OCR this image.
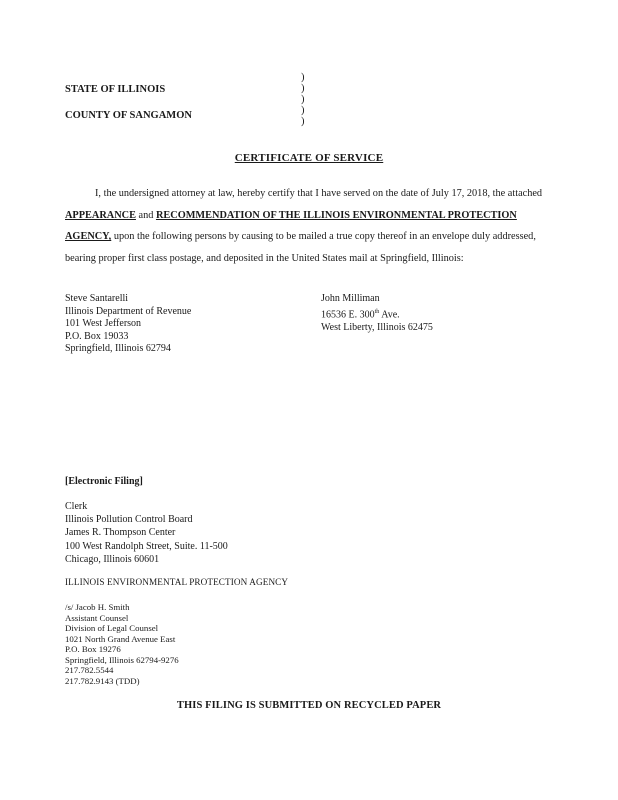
STATE OF ILLINOIS
COUNTY OF SANGAMON
)
)
)
)
)
CERTIFICATE OF SERVICE
I, the undersigned attorney at law, hereby certify that I have served on the date of July 17, 2018, the attached APPEARANCE and RECOMMENDATION OF THE ILLINOIS ENVIRONMENTAL PROTECTION AGENCY, upon the following persons by causing to be mailed a true copy thereof in an envelope duly addressed, bearing proper first class postage, and deposited in the United States mail at Springfield, Illinois:
Steve Santarelli
Illinois Department of Revenue
101 West Jefferson
P.O. Box 19033
Springfield, Illinois 62794
John Milliman
16536 E. 300th Ave.
West Liberty, Illinois 62475
[Electronic Filing]
Clerk
Illinois Pollution Control Board
James R. Thompson Center
100 West Randolph Street, Suite. 11-500
Chicago, Illinois 60601
ILLINOIS ENVIRONMENTAL PROTECTION AGENCY
/s/ Jacob H. Smith
Assistant Counsel
Division of Legal Counsel
1021 North Grand Avenue East
P.O. Box 19276
Springfield, Illinois 62794-9276
217.782.5544
217.782.9143 (TDD)
THIS FILING IS SUBMITTED ON RECYCLED PAPER
